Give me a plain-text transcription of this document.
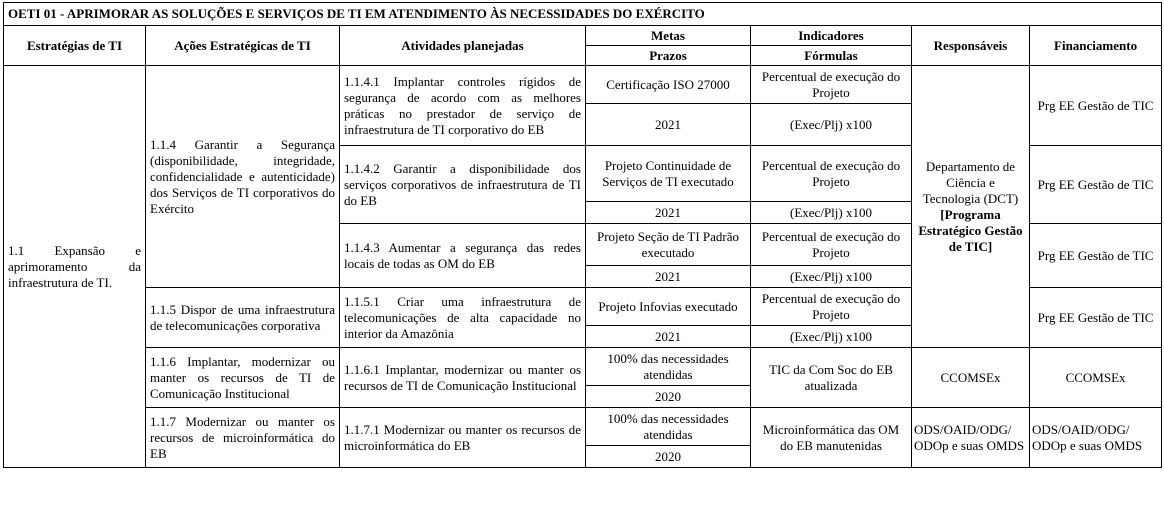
OETI 01 - APRIMORAR AS SOLUÇÕES E SERVIÇOS DE TI EM ATENDIMENTO ÀS NECESSIDADES DO EXÉRCITO						
Estratégias de TI	Ações Estratégicas de TI	Atividades planejadas	Metas	Indicadores	Responsáveis	Financiamento
			Prazos	Fórmulas		
1.1 Expansão e aprimoramento da infraestrutura de TI.	1.1.4 Garantir a Segurança (disponibilidade, integridade, confidencialidade e autenticidade) dos Serviços de TI corporativos do Exército	1.1.4.1 Implantar controles rígidos de segurança de acordo com as melhores práticas no prestador de serviço de infraestrutura de TI corporativo do EB	Certificação ISO 27000	Percentual de execução do Projeto	Departamento de Ciência e Tecnologia (DCT)
[Programa Estratégico Gestão de TIC]	Prg EE Gestão de TIC
			2021	(Exec/Plj) x100		
		1.1.4.2 Garantir a disponibilidade dos serviços corporativos de infraestrutura de TI do EB	Projeto Continuidade de Serviços de TI executado	Percentual de execução do Projeto		Prg EE Gestão de TIC
			2021	(Exec/Plj) x100		
		1.1.4.3 Aumentar a segurança das redes locais de todas as OM do EB	Projeto Seção de TI Padrão executado	Percentual de execução do Projeto		Prg EE Gestão de TIC
			2021	(Exec/Plj) x100		
	1.1.5 Dispor de uma infraestrutura de telecomunicações corporativa	1.1.5.1 Criar uma infraestrutura de telecomunicações de alta capacidade no interior da Amazônia	Projeto Infovias executado	Percentual de execução do Projeto		Prg EE Gestão de TIC
			2021	(Exec/Plj) x100		
	1.1.6 Implantar, modernizar ou manter os recursos de TI de Comunicação Institucional	1.1.6.1 Implantar, modernizar ou manter os recursos de TI de Comunicação Institucional	100% das necessidades atendidas	TIC da Com Soc do EB atualizada	CCOMSEx	CCOMSEx
			2020			
	1.1.7 Modernizar ou manter os recursos de microinformática do EB	1.1.7.1 Modernizar ou manter os recursos de microinformática do EB	100% das necessidades atendidas	Microinformática das OM do EB manutenidas	ODS/OAID/ODG/ ODOp e suas OMDS	ODS/OAID/ODG/ ODOp e suas OMDS
			2020			
